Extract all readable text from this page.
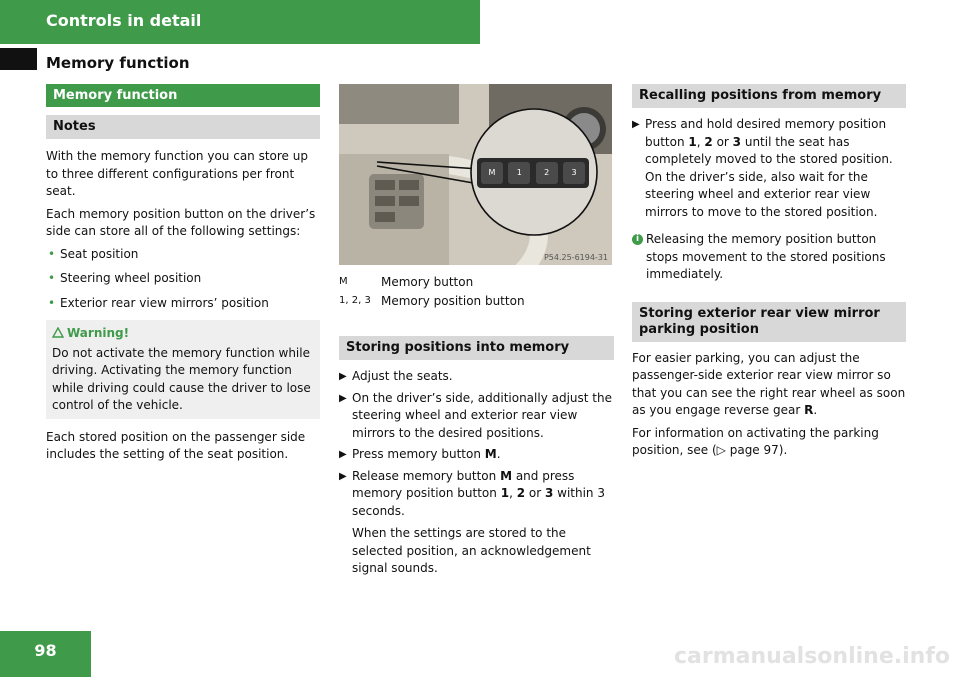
Controls in detail
Memory function
Memory function
Notes

With the memory function you can store up to three different configurations per front seat.

Each memory position button on the driver’s side can store all of the following settings:

• Seat position
• Steering wheel position
• Exterior rear view mirrors’ position
Warning!
Do not activate the memory function while driving. Activating the memory function while driving could cause the driver to lose control of the vehicle.

Each stored position on the passenger side includes the setting of the seat position.

M	1	2	3
P54.25-6194-31
M	Memory button
1, 2, 3 Memory position button
Storing positions into memory
▶ Adjust the seats.
▶ On the driver’s side, additionally adjust the steering wheel and exterior rear view mirrors to the desired positions.
▶ Press memory button M.
▶ Release memory button M and press memory position button 1, 2 or 3 within 3 seconds.
When the settings are stored to the selected position, an acknowledgement signal sounds.
Recalling positions from memory
▶ Press and hold desired memory position button 1, 2 or 3 until the seat has completely moved to the stored position. On the driver’s side, also wait for the steering wheel and exterior rear view mirrors to move to the stored position.
i Releasing the memory position button stops movement to the stored positions immediately.
Storing exterior rear view mirror parking position

For easier parking, you can adjust the passenger-side exterior rear view mirror so that you can see the right rear wheel as soon as you engage reverse gear R.

For information on activating the parking position, see (▷ page 97).

98	carmanualsonline.info
